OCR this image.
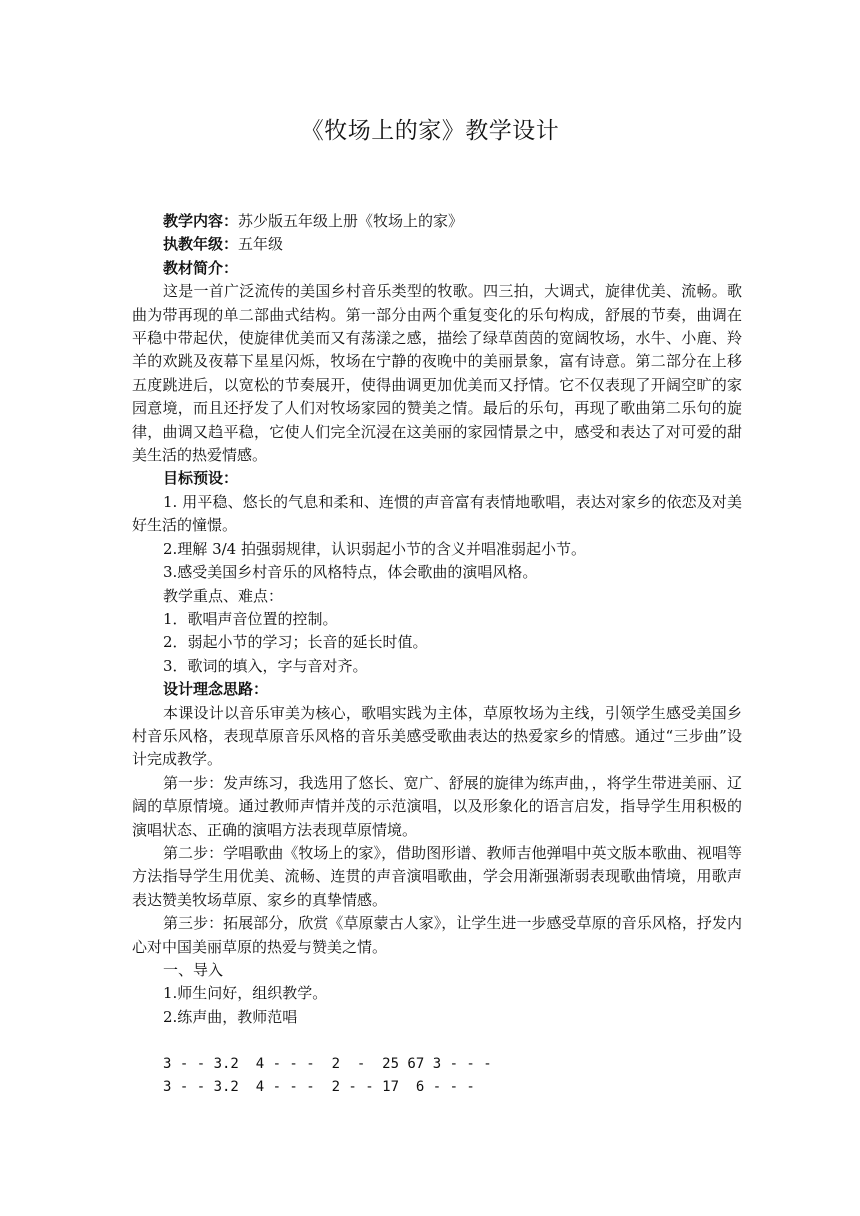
《牧场上的家》教学设计

教学内容：苏少版五年级上册《牧场上的家》

执教年级：五年级

教材简介：

这是一首广泛流传的美国乡村音乐类型的牧歌。四三拍，大调式，旋律优美、流畅。歌曲为带再现的单二部曲式结构。第一部分由两个重复变化的乐句构成，舒展的节奏，曲调在平稳中带起伏，使旋律优美而又有荡漾之感，描绘了绿草茵茵的宽阔牧场，水牛、小鹿、羚羊的欢跳及夜幕下星星闪烁，牧场在宁静的夜晚中的美丽景象，富有诗意。第二部分在上移五度跳进后，以宽松的节奏展开，使得曲调更加优美而又抒情。它不仅表现了开阔空旷的家园意境，而且还抒发了人们对牧场家园的赞美之情。最后的乐句，再现了歌曲第二乐句的旋律，曲调又趋平稳，它使人们完全沉浸在这美丽的家园情景之中，感受和表达了对可爱的甜美生活的热爱情感。

目标预设：

1. 用平稳、悠长的气息和柔和、连惯的声音富有表情地歌唱，表达对家乡的依恋及对美好生活的憧憬。

2.理解 3/4 拍强弱规律，认识弱起小节的含义并唱准弱起小节。

3.感受美国乡村音乐的风格特点，体会歌曲的演唱风格。

教学重点、难点：

1．歌唱声音位置的控制。

2．弱起小节的学习；长音的延长时值。

3．歌词的填入，字与音对齐。

设计理念思路：

本课设计以音乐审美为核心，歌唱实践为主体，草原牧场为主线，引领学生感受美国乡村音乐风格，表现草原音乐风格的音乐美感受歌曲表达的热爱家乡的情感。通过“三步曲”设计完成教学。

第一步：发声练习，我选用了悠长、宽广、舒展的旋律为练声曲，，将学生带进美丽、辽阔的草原情境。通过教师声情并茂的示范演唱，以及形象化的语言启发，指导学生用积极的演唱状态、正确的演唱方法表现草原情境。

第二步：学唱歌曲《牧场上的家》，借助图形谱、教师吉他弹唱中英文版本歌曲、视唱等方法指导学生用优美、流畅、连贯的声音演唱歌曲，学会用渐强渐弱表现歌曲情境，用歌声表达赞美牧场草原、家乡的真挚情感。

第三步：拓展部分，欣赏《草原蒙古人家》，让学生进一步感受草原的音乐风格，抒发内心对中国美丽草原的热爱与赞美之情。

一、导入

1.师生问好，组织教学。

2.练声曲，教师范唱

3 - - 3.2  4 - - -  2  -  25 67 3 - - -

3 - - 3.2  4 - - -  2 - - 17  6 - - -
